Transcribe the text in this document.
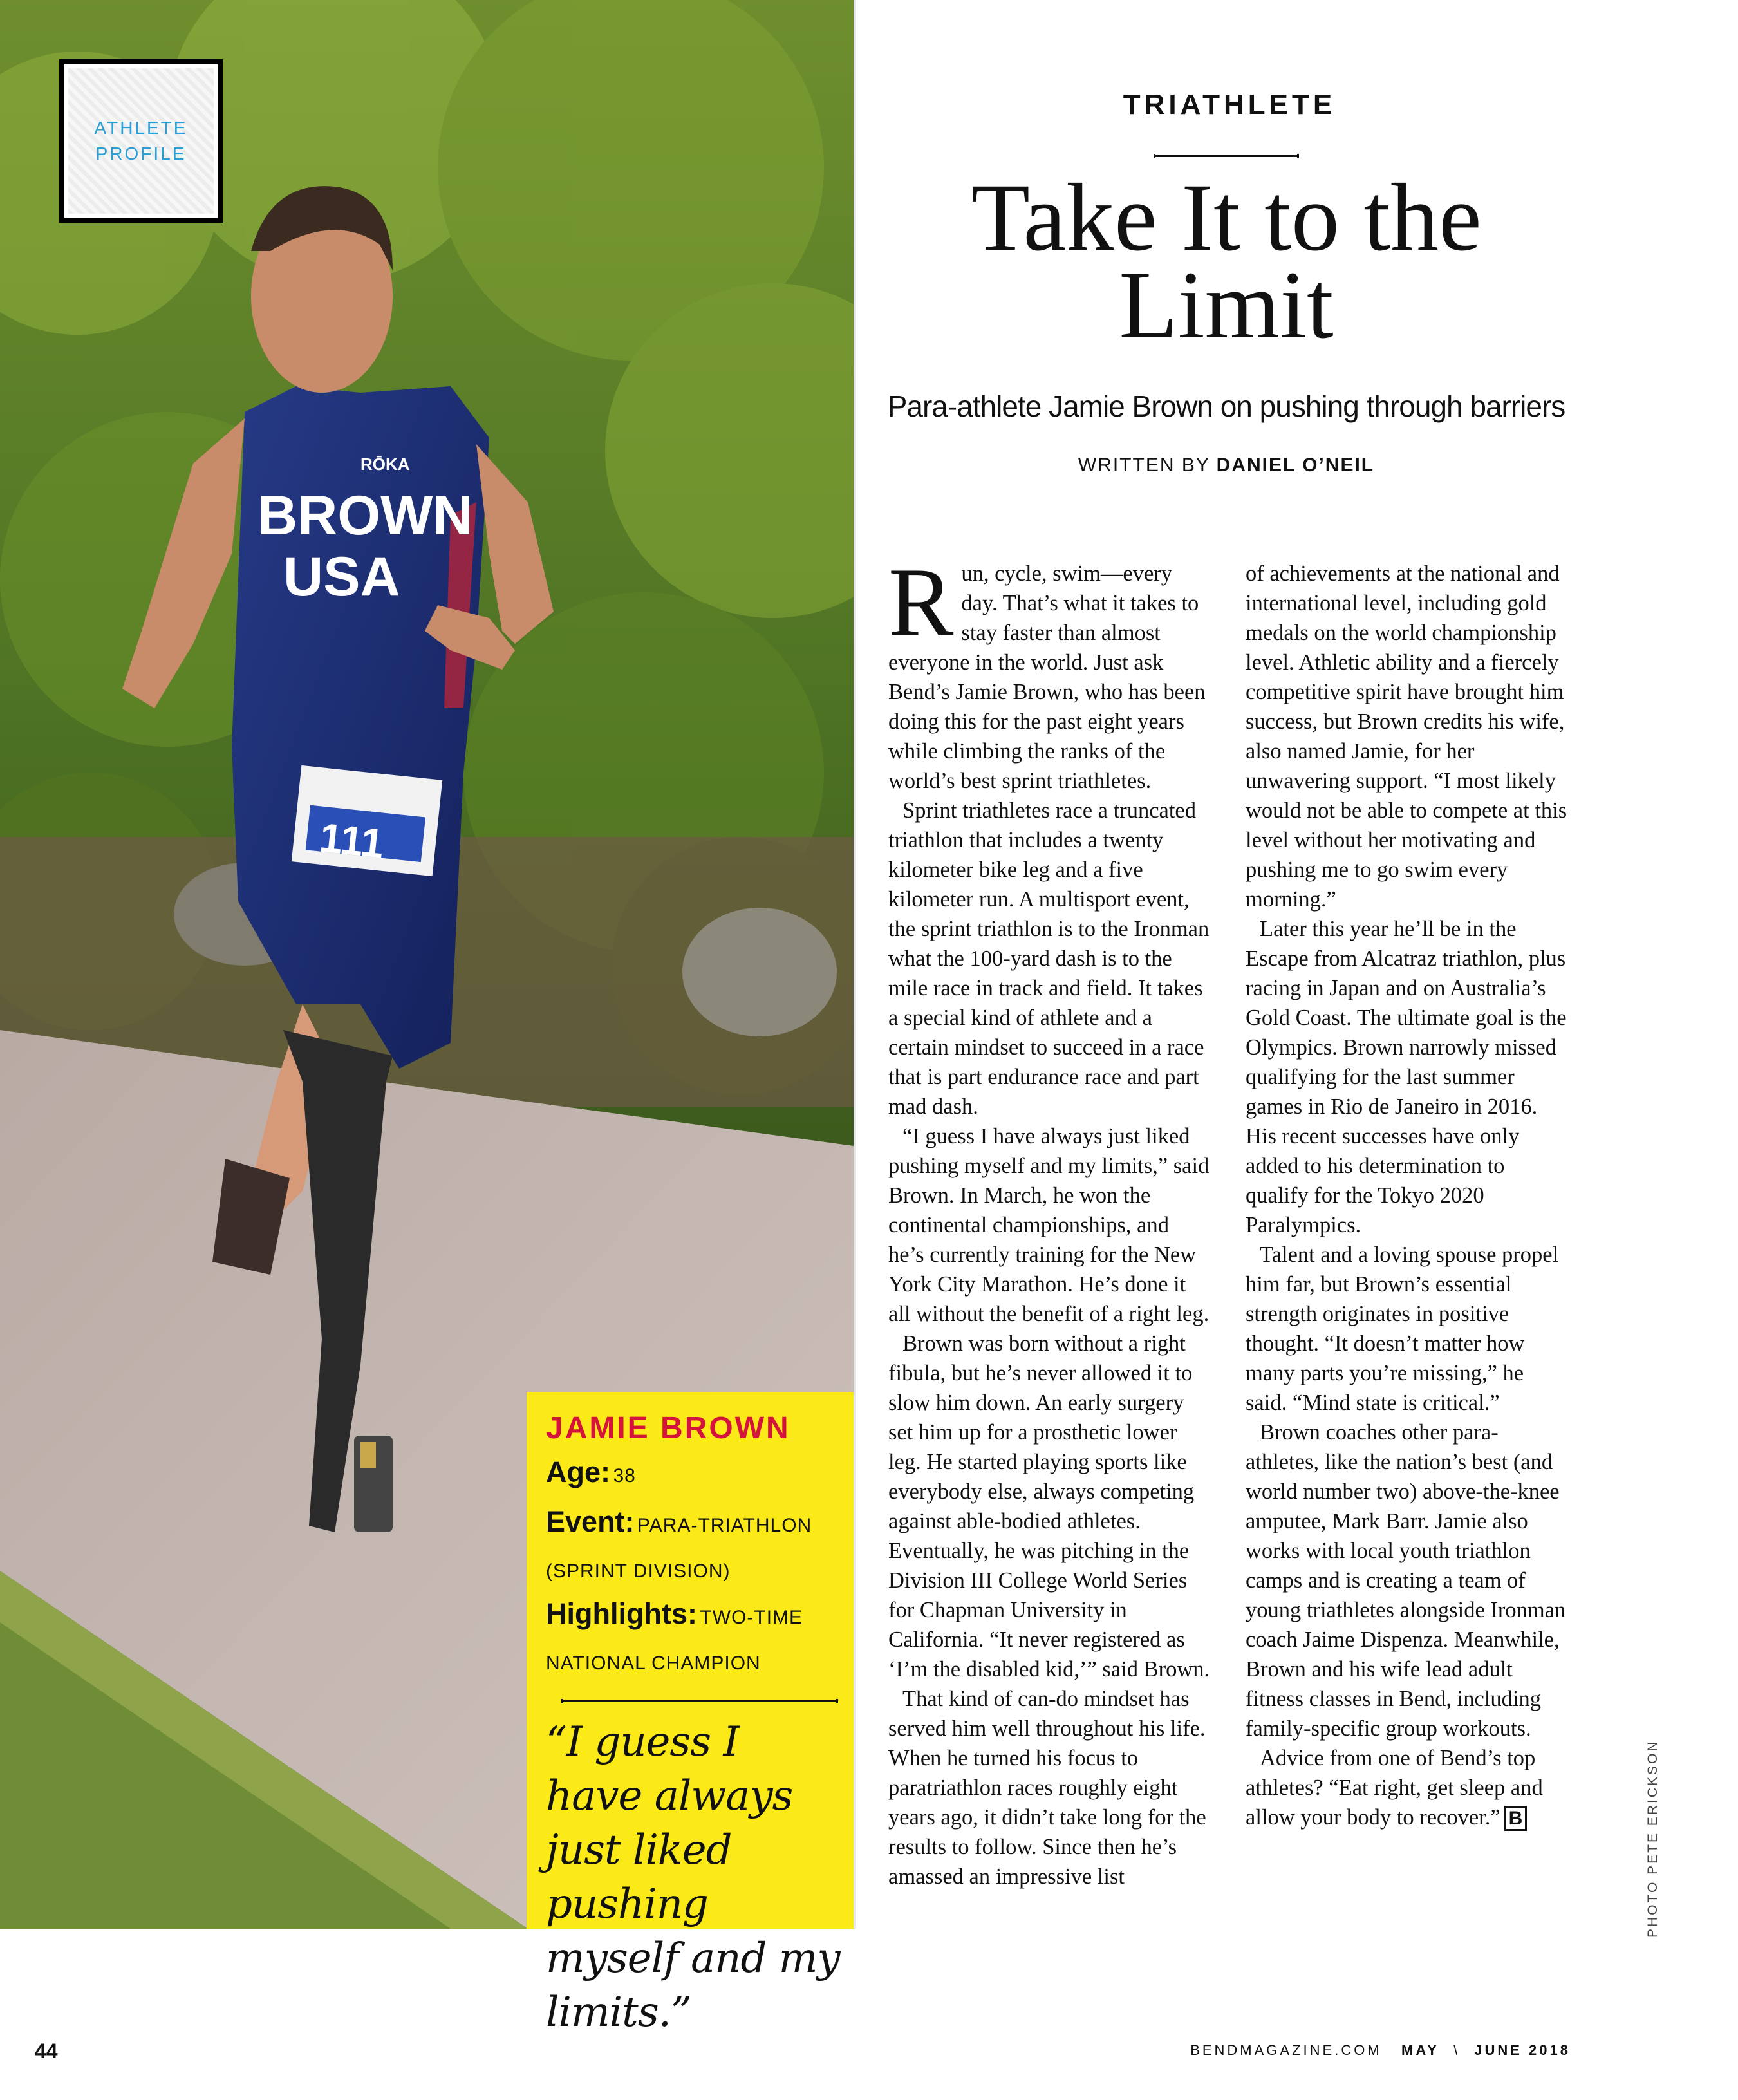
111
BROWN
USA
RŌKA
ATHLETE
PROFILE
JAMIE BROWN
Age: 38
Event: PARA-TRIATHLON
(SPRINT DIVISION)
Highlights: TWO-TIME
NATIONAL CHAMPION
“I guess I have always just liked pushing myself and my limits.”
TRIATHLETE
Take It to the
Limit
Para-athlete Jamie Brown on pushing through barriers
WRITTEN BY DANIEL O’NEIL

Run, cycle, swim—every day. That’s what it takes to stay faster than almost everyone in the world. Just ask Bend’s Jamie Brown, who has been doing this for the past eight years while climbing the ranks of the world’s best sprint triathletes.

Sprint triathletes race a truncated triathlon that includes a twenty kilometer bike leg and a five kilometer run. A multisport event, the sprint triathlon is to the Ironman what the 100-yard dash is to the mile race in track and field. It takes a special kind of athlete and a certain mindset to succeed in a race that is part endurance race and part mad dash.

“I guess I have always just liked pushing myself and my limits,” said Brown. In March, he won the continental championships, and he’s currently training for the New York City Marathon. He’s done it all without the benefit of a right leg.

Brown was born without a right fibula, but he’s never allowed it to slow him down. An early surgery set him up for a prosthetic lower leg. He started playing sports like everybody else, always competing against able-bodied athletes. Eventually, he was pitching in the Division III College World Series for Chapman University in California. “It never registered as ‘I’m the disabled kid,’” said Brown.

That kind of can-do mindset has served him well throughout his life. When he turned his focus to paratriathlon races roughly eight years ago, it didn’t take long for the results to follow. Since then he’s amassed an impressive list

of achievements at the national and international level, including gold medals on the world championship level. Athletic ability and a fiercely competitive spirit have brought him success, but Brown credits his wife, also named Jamie, for her unwavering support. “I most likely would not be able to compete at this level without her motivating and pushing me to go swim every morning.”

Later this year he’ll be in the Escape from Alcatraz triathlon, plus racing in Japan and on Australia’s Gold Coast. The ultimate goal is the Olympics. Brown narrowly missed qualifying for the last summer games in Rio de Janeiro in 2016. His recent successes have only added to his determination to qualify for the Tokyo 2020 Paralympics.

Talent and a loving spouse propel him far, but Brown’s essential strength originates in positive thought. “It doesn’t matter how many parts you’re missing,” he said. “Mind state is critical.”

Brown coaches other para-athletes, like the nation’s best (and world number two) above-the-knee amputee, Mark Barr. Jamie also works with local youth triathlon camps and is creating a team of young triathletes alongside Ironman coach Jaime Dispenza. Meanwhile, Brown and his wife lead adult fitness classes in Bend, including family-specific group workouts.

Advice from one of Bend’s top athletes? “Eat right, get sleep and allow your body to recover.” B	PHOTO PETE ERICKSON
44	BENDMAGAZINE.COM MAY \ JUNE 2018
